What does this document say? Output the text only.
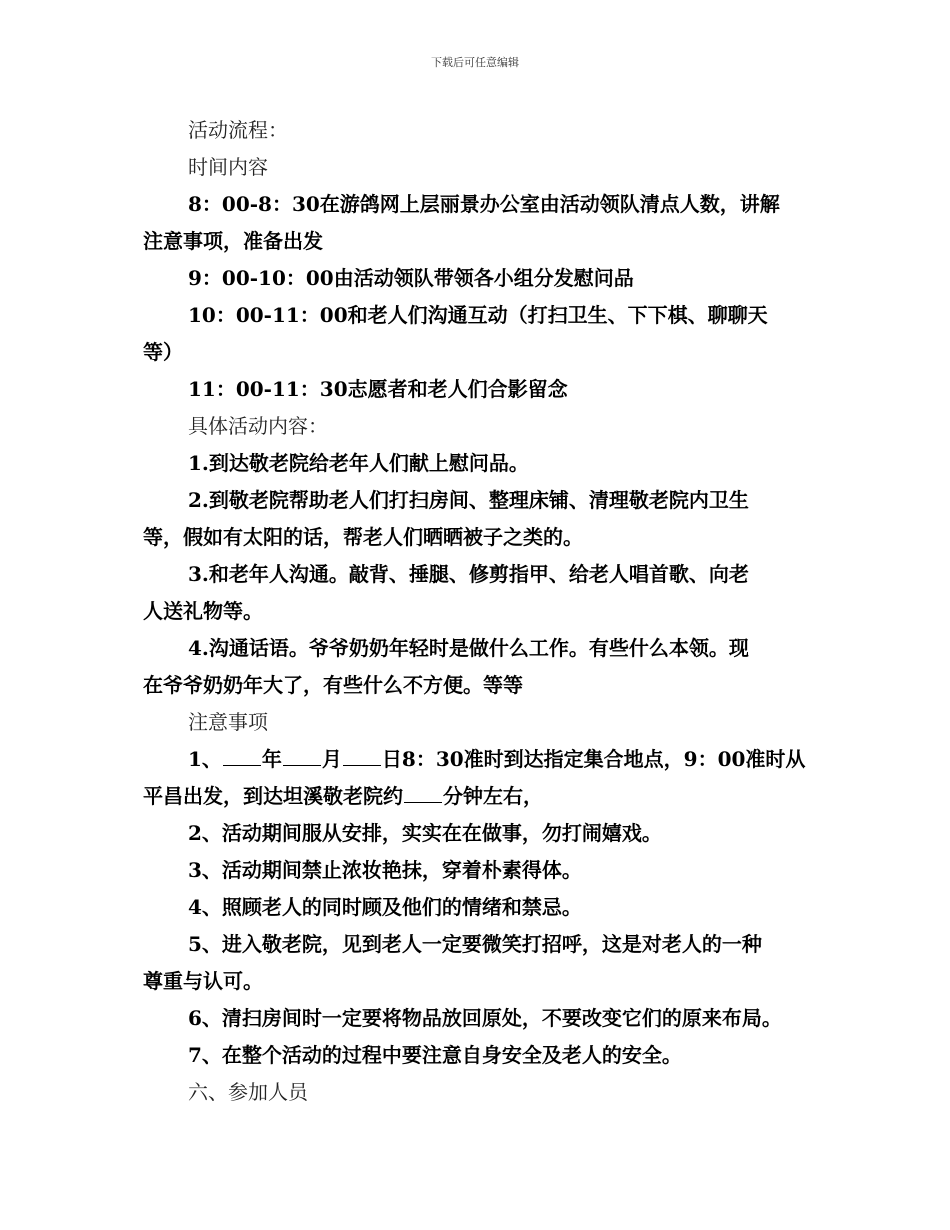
下载后可任意编辑
活动流程：
时间内容
8：00-8：30在游鸽网上层丽景办公室由活动领队清点人数，讲解
注意事项，准备出发
9：00-10：00由活动领队带领各小组分发慰问品
10：00-11：00和老人们沟通互动（打扫卫生、下下棋、聊聊天
等）
11：00-11：30志愿者和老人们合影留念
具体活动内容：
1.到达敬老院给老年人们献上慰问品。
2.到敬老院帮助老人们打扫房间、整理床铺、清理敬老院内卫生
等，假如有太阳的话，帮老人们晒晒被子之类的。
3.和老年人沟通。敲背、捶腿、修剪指甲、给老人唱首歌、向老
人送礼物等。
4.沟通话语。爷爷奶奶年轻时是做什么工作。有些什么本领。现
在爷爷奶奶年大了，有些什么不方便。等等
注意事项
1、 年 月 日8：30准时到达指定集合地点，9：00准时从
平昌出发，到达坦溪敬老院约 分钟左右，
2、活动期间服从安排，实实在在做事，勿打闹嬉戏。
3、活动期间禁止浓妆艳抹，穿着朴素得体。
4、照顾老人的同时顾及他们的情绪和禁忌。
5、进入敬老院，见到老人一定要微笑打招呼，这是对老人的一种
尊重与认可。
6、清扫房间时一定要将物品放回原处，不要改变它们的原来布局。
7、在整个活动的过程中要注意自身安全及老人的安全。
六、参加人员
